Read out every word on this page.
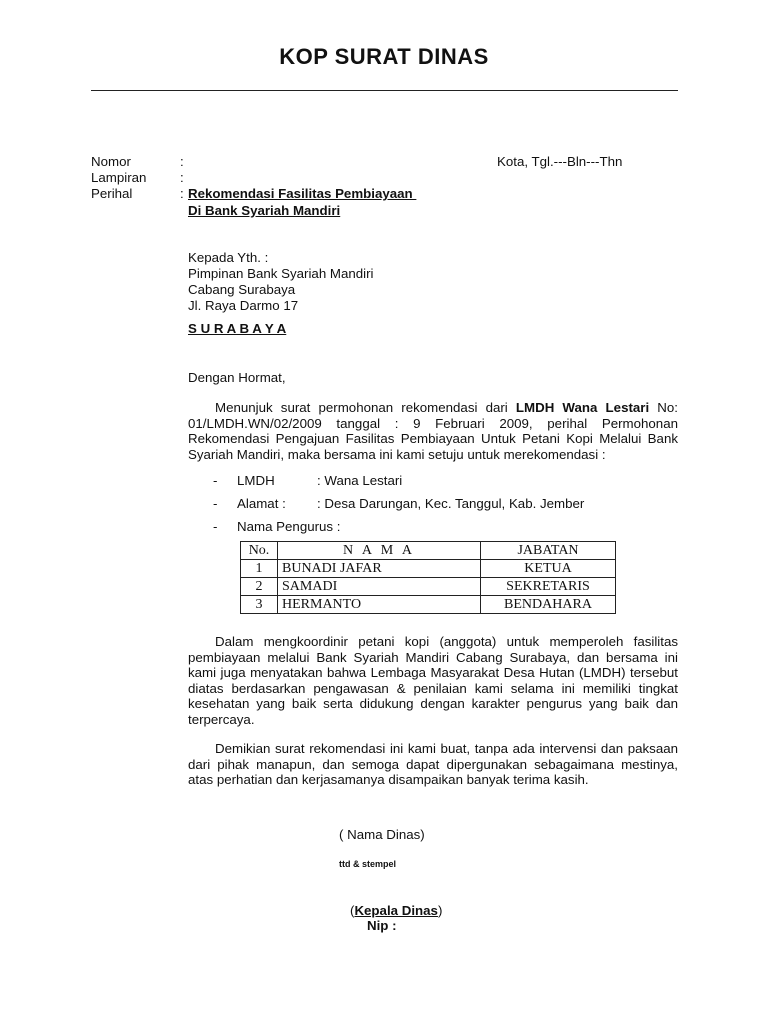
KOP SURAT DINAS
Nomor	:	Kota, Tgl.---Bln---Thn
Lampiran	:
Perihal	: Rekomendasi Fasilitas Pembiayaan
Di Bank Syariah Mandiri
Kepada Yth. :
Pimpinan Bank Syariah Mandiri
Cabang Surabaya
Jl. Raya Darmo 17
S U R A B A Y A
Dengan Hormat,

Menunjuk surat permohonan rekomendasi dari LMDH Wana Lestari No: 01/LMDH.WN/02/2009 tanggal : 9 Februari 2009, perihal Permohonan Rekomendasi Pengajuan Fasilitas Pembiayaan Untuk Petani Kopi Melalui Bank Syariah Mandiri, maka bersama ini kami setuju untuk merekomendasi :

- LMDH	: Wana Lestari
- Alamat : : Desa Darungan, Kec. Tanggul, Kab. Jember
- Nama Pengurus :
No.	N A M A	JABATAN
1	BUNADI JAFAR	KETUA
2	SAMADI	SEKRETARIS
3	HERMANTO	BENDAHARA

Dalam mengkoordinir petani kopi (anggota) untuk memperoleh fasilitas pembiayaan melalui Bank Syariah Mandiri Cabang Surabaya, dan bersama ini kami juga menyatakan bahwa Lembaga Masyarakat Desa Hutan (LMDH) tersebut diatas berdasarkan pengawasan & penilaian kami selama ini memiliki tingkat kesehatan yang baik serta didukung dengan karakter pengurus yang baik dan terpercaya.

Demikian surat rekomendasi ini kami buat, tanpa ada intervensi dan paksaan dari pihak manapun, dan semoga dapat dipergunakan sebagaimana mestinya, atas perhatian dan kerjasamanya disampaikan banyak terima kasih.

( Nama Dinas)
ttd & stempel
(Kepala Dinas)
Nip :
